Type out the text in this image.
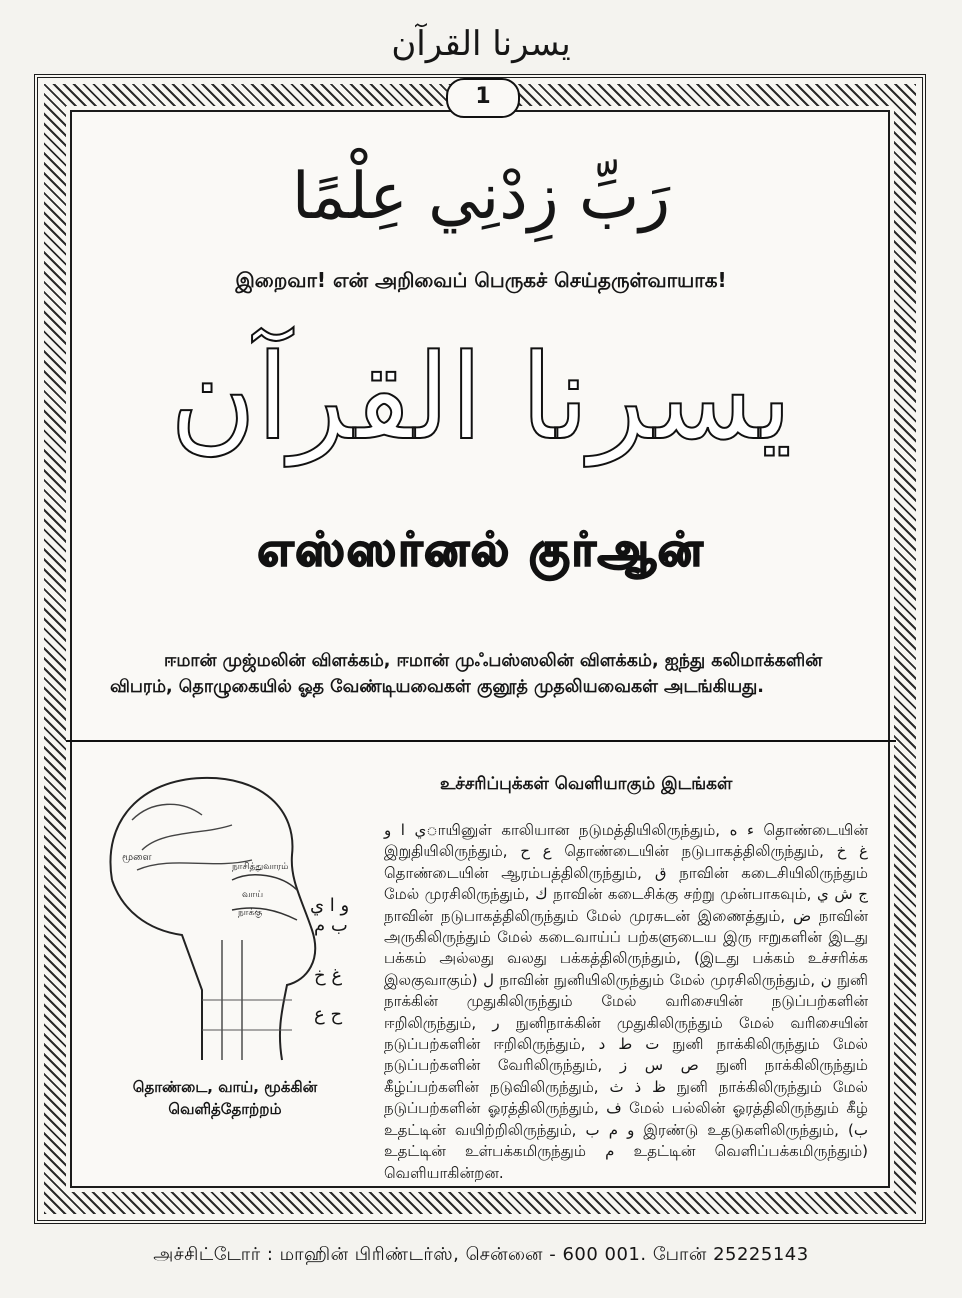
يسرنا القرآن
1
رَبِّ زِدْنِي عِلْمًا
இறைவா! என் அறிவைப் பெருகச் செய்தருள்வாயாக!
يسرنا القرآن
எஸ்ஸர்னல் குர்ஆன்

ஈமான் முஜ்மலின் விளக்கம், ஈமான் முஃபஸ்ஸலின் விளக்கம், ஐந்து கலிமாக்களின் விபரம், தொழுகையில் ஓத வேண்டியவைகள் குனூத் முதலியவைகள் அடங்கியது.

மூளை
நாசித்துவாரம்
வாய்
நாக்கு	و ا ي
ب م
غ خ
ح ع
தொண்டை, வாய், மூக்கின்
வெளித்தோற்றம்
உச்சரிப்புக்கள் வெளியாகும் இடங்கள்
ي ا وாயினுள் காலியான நடுமத்தியிலிருந்தும், ء ه தொண்டையின் இறுதியிலிருந்தும், ع ح தொண்டையின் நடுபாகத்திலிருந்தும், غ خ தொண்டையின் ஆரம்பத்திலிருந்தும், ق நாவின் கடைசியிலிருந்தும் மேல் முரசிலிருந்தும், ك நாவின் கடைசிக்கு சற்று முன்பாகவும், ج ش ي நாவின் நடுபாகத்திலிருந்தும் மேல் முரசுடன் இணைத்தும், ض நாவின் அருகிலிருந்தும் மேல் கடைவாய்ப் பற்களுடைய இரு ஈறுகளின் இடது பக்கம் அல்லது வலது பக்கத்திலிருந்தும், (இடது பக்கம் உச்சரிக்க இலகுவாகும்) ل நாவின் நுனியிலிருந்தும் மேல் முரசிலிருந்தும், ن நுனி நாக்கின் முதுகிலிருந்தும் மேல் வரிசையின் நடுப்பற்களின் ஈறிலிருந்தும், ر நுனிநாக்கின் முதுகிலிருந்தும் மேல் வரிசையின் நடுப்பற்களின் ஈறிலிருந்தும், ت ط د நுனி நாக்கிலிருந்தும் மேல் நடுப்பற்களின் வேரிலிருந்தும், ص س ز நுனி நாக்கிலிருந்தும் கீழ்ப்பற்களின் நடுவிலிருந்தும், ظ ذ ث நுனி நாக்கிலிருந்தும் மேல் நடுப்பற்களின் ஓரத்திலிருந்தும், ف மேல் பல்லின் ஓரத்திலிருந்தும் கீழ் உதட்டின் வயிற்றிலிருந்தும், و م ب இரண்டு உதடுகளிலிருந்தும், (ب உதட்டின் உள்பக்கமிருந்தும் م உதட்டின் வெளிப்பக்கமிருந்தும்) வெளியாகின்றன.
அச்சிட்டோர் : மாஹின் பிரிண்டர்ஸ், சென்னை - 600 001. போன் 25225143
